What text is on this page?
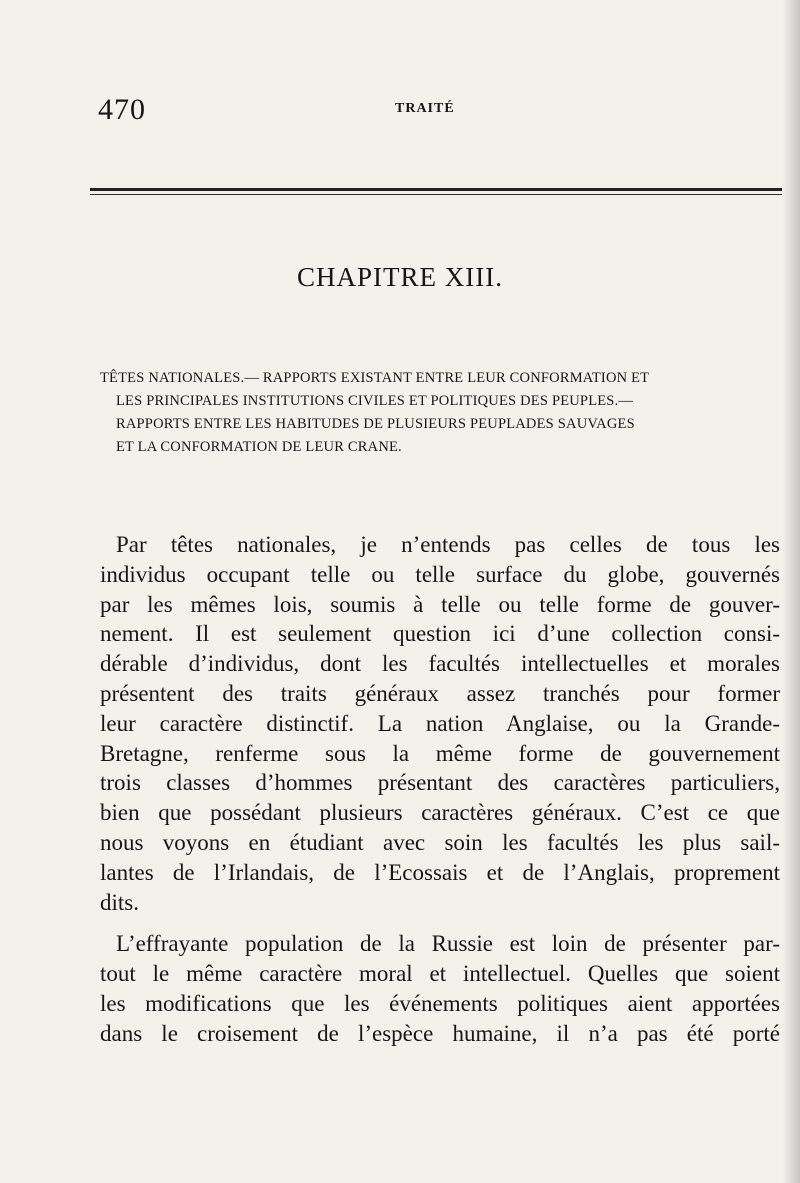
470	TRAITÉ
CHAPITRE XIII.
TÊTES NATIONALES.— RAPPORTS EXISTANT ENTRE LEUR CONFORMATION ET
LES PRINCIPALES INSTITUTIONS CIVILES ET POLITIQUES DES PEUPLES.—
RAPPORTS ENTRE LES HABITUDES DE PLUSIEURS PEUPLADES SAUVAGES
ET LA CONFORMATION DE LEUR CRANE.
Par têtes nationales, je n’entends pas celles de tous les
individus occupant telle ou telle surface du globe, gouvernés
par les mêmes lois, soumis à telle ou telle forme de gouver-
nement. Il est seulement question ici d’une collection consi-
dérable d’individus, dont les facultés intellectuelles et morales
présentent des traits généraux assez tranchés pour former
leur caractère distinctif. La nation Anglaise, ou la Grande-
Bretagne, renferme sous la même forme de gouvernement
trois classes d’hommes présentant des caractères particuliers,
bien que possédant plusieurs caractères généraux. C’est ce que
nous voyons en étudiant avec soin les facultés les plus sail-
lantes de l’Irlandais, de l’Ecossais et de l’Anglais, proprement
dits.
L’effrayante population de la Russie est loin de présenter par-
tout le même caractère moral et intellectuel. Quelles que soient
les modifications que les événements politiques aient apportées
dans le croisement de l’espèce humaine, il n’a pas été porté
